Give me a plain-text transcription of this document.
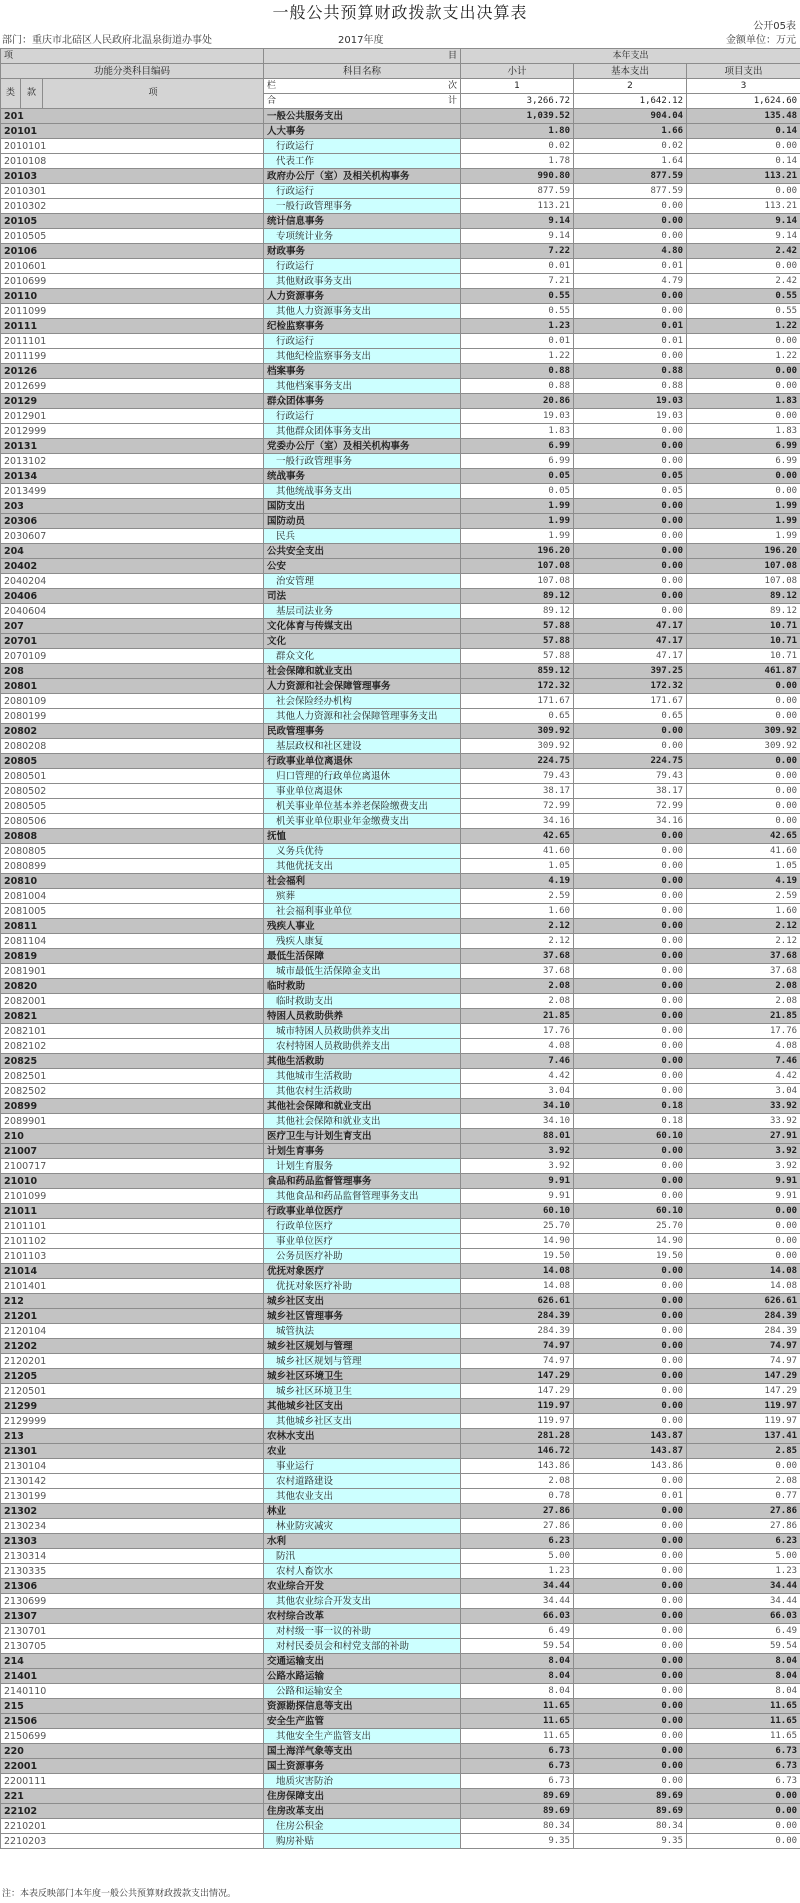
一般公共预算财政拨款支出决算表
公开05表
部门：重庆市北碚区人民政府北温泉街道办事处	2017年度	金额单位：万元
项			目	本年支出		
功能分类科目编码			科目名称	小计	基本支出	项目支出
类	款	项	栏 次	1	2	3
			合 计	3,266.72	1,642.12	1,624.60
201			一般公共服务支出	1,039.52	904.04	135.48
20101			人大事务	1.80	1.66	0.14
2010101			行政运行	0.02	0.02	0.00
2010108			代表工作	1.78	1.64	0.14
20103			政府办公厅（室）及相关机构事务	990.80	877.59	113.21
2010301			行政运行	877.59	877.59	0.00
2010302			一般行政管理事务	113.21	0.00	113.21
20105			统计信息事务	9.14	0.00	9.14
2010505			专项统计业务	9.14	0.00	9.14
20106			财政事务	7.22	4.80	2.42
2010601			行政运行	0.01	0.01	0.00
2010699			其他财政事务支出	7.21	4.79	2.42
20110			人力资源事务	0.55	0.00	0.55
2011099			其他人力资源事务支出	0.55	0.00	0.55
20111			纪检监察事务	1.23	0.01	1.22
2011101			行政运行	0.01	0.01	0.00
2011199			其他纪检监察事务支出	1.22	0.00	1.22
20126			档案事务	0.88	0.88	0.00
2012699			其他档案事务支出	0.88	0.88	0.00
20129			群众团体事务	20.86	19.03	1.83
2012901			行政运行	19.03	19.03	0.00
2012999			其他群众团体事务支出	1.83	0.00	1.83
20131			党委办公厅（室）及相关机构事务	6.99	0.00	6.99
2013102			一般行政管理事务	6.99	0.00	6.99
20134			统战事务	0.05	0.05	0.00
2013499			其他统战事务支出	0.05	0.05	0.00
203			国防支出	1.99	0.00	1.99
20306			国防动员	1.99	0.00	1.99
2030607			民兵	1.99	0.00	1.99
204			公共安全支出	196.20	0.00	196.20
20402			公安	107.08	0.00	107.08
2040204			治安管理	107.08	0.00	107.08
20406			司法	89.12	0.00	89.12
2040604			基层司法业务	89.12	0.00	89.12
207			文化体育与传媒支出	57.88	47.17	10.71
20701			文化	57.88	47.17	10.71
2070109			群众文化	57.88	47.17	10.71
208			社会保障和就业支出	859.12	397.25	461.87
20801			人力资源和社会保障管理事务	172.32	172.32	0.00
2080109			社会保险经办机构	171.67	171.67	0.00
2080199			其他人力资源和社会保障管理事务支出	0.65	0.65	0.00
20802			民政管理事务	309.92	0.00	309.92
2080208			基层政权和社区建设	309.92	0.00	309.92
20805			行政事业单位离退休	224.75	224.75	0.00
2080501			归口管理的行政单位离退休	79.43	79.43	0.00
2080502			事业单位离退休	38.17	38.17	0.00
2080505			机关事业单位基本养老保险缴费支出	72.99	72.99	0.00
2080506			机关事业单位职业年金缴费支出	34.16	34.16	0.00
20808			抚恤	42.65	0.00	42.65
2080805			义务兵优待	41.60	0.00	41.60
2080899			其他优抚支出	1.05	0.00	1.05
20810			社会福利	4.19	0.00	4.19
2081004			殡葬	2.59	0.00	2.59
2081005			社会福利事业单位	1.60	0.00	1.60
20811			残疾人事业	2.12	0.00	2.12
2081104			残疾人康复	2.12	0.00	2.12
20819			最低生活保障	37.68	0.00	37.68
2081901			城市最低生活保障金支出	37.68	0.00	37.68
20820			临时救助	2.08	0.00	2.08
2082001			临时救助支出	2.08	0.00	2.08
20821			特困人员救助供养	21.85	0.00	21.85
2082101			城市特困人员救助供养支出	17.76	0.00	17.76
2082102			农村特困人员救助供养支出	4.08	0.00	4.08
20825			其他生活救助	7.46	0.00	7.46
2082501			其他城市生活救助	4.42	0.00	4.42
2082502			其他农村生活救助	3.04	0.00	3.04
20899			其他社会保障和就业支出	34.10	0.18	33.92
2089901			其他社会保障和就业支出	34.10	0.18	33.92
210			医疗卫生与计划生育支出	88.01	60.10	27.91
21007			计划生育事务	3.92	0.00	3.92
2100717			计划生育服务	3.92	0.00	3.92
21010			食品和药品监督管理事务	9.91	0.00	9.91
2101099			其他食品和药品监督管理事务支出	9.91	0.00	9.91
21011			行政事业单位医疗	60.10	60.10	0.00
2101101			行政单位医疗	25.70	25.70	0.00
2101102			事业单位医疗	14.90	14.90	0.00
2101103			公务员医疗补助	19.50	19.50	0.00
21014			优抚对象医疗	14.08	0.00	14.08
2101401			优抚对象医疗补助	14.08	0.00	14.08
212			城乡社区支出	626.61	0.00	626.61
21201			城乡社区管理事务	284.39	0.00	284.39
2120104			城管执法	284.39	0.00	284.39
21202			城乡社区规划与管理	74.97	0.00	74.97
2120201			城乡社区规划与管理	74.97	0.00	74.97
21205			城乡社区环境卫生	147.29	0.00	147.29
2120501			城乡社区环境卫生	147.29	0.00	147.29
21299			其他城乡社区支出	119.97	0.00	119.97
2129999			其他城乡社区支出	119.97	0.00	119.97
213			农林水支出	281.28	143.87	137.41
21301			农业	146.72	143.87	2.85
2130104			事业运行	143.86	143.86	0.00
2130142			农村道路建设	2.08	0.00	2.08
2130199			其他农业支出	0.78	0.01	0.77
21302			林业	27.86	0.00	27.86
2130234			林业防灾减灾	27.86	0.00	27.86
21303			水利	6.23	0.00	6.23
2130314			防汛	5.00	0.00	5.00
2130335			农村人畜饮水	1.23	0.00	1.23
21306			农业综合开发	34.44	0.00	34.44
2130699			其他农业综合开发支出	34.44	0.00	34.44
21307			农村综合改革	66.03	0.00	66.03
2130701			对村级一事一议的补助	6.49	0.00	6.49
2130705			对村民委员会和村党支部的补助	59.54	0.00	59.54
214			交通运输支出	8.04	0.00	8.04
21401			公路水路运输	8.04	0.00	8.04
2140110			公路和运输安全	8.04	0.00	8.04
215			资源勘探信息等支出	11.65	0.00	11.65
21506			安全生产监管	11.65	0.00	11.65
2150699			其他安全生产监管支出	11.65	0.00	11.65
220			国土海洋气象等支出	6.73	0.00	6.73
22001			国土资源事务	6.73	0.00	6.73
2200111			地质灾害防治	6.73	0.00	6.73
221			住房保障支出	89.69	89.69	0.00
22102			住房改革支出	89.69	89.69	0.00
2210201			住房公积金	80.34	80.34	0.00
2210203			购房补贴	9.35	9.35	0.00
注：本表反映部门本年度一般公共预算财政拨款支出情况。
